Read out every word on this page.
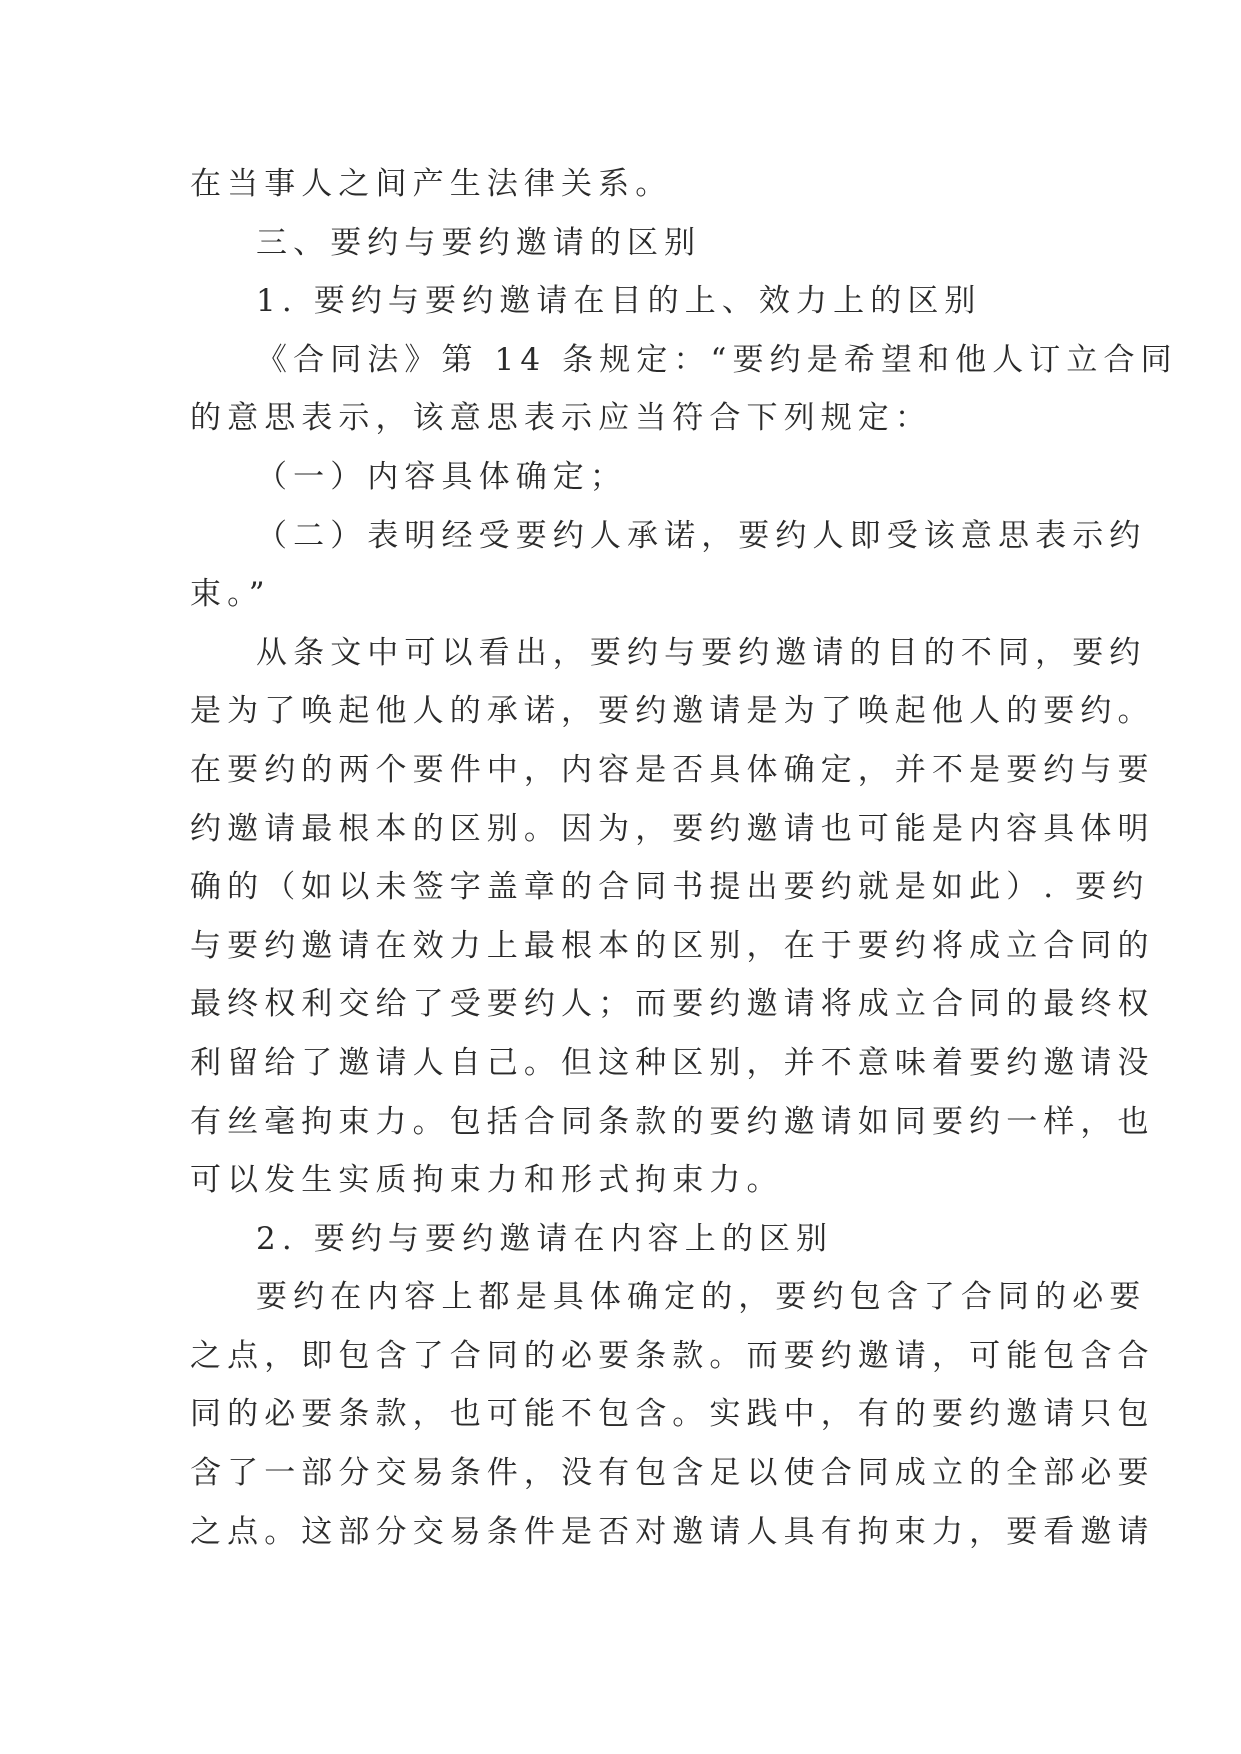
在当事人之间产生法律关系。

三、要约与要约邀请的区别

1. 要约与要约邀请在目的上、效力上的区别

《合同法》第 14 条规定：“要约是希望和他人订立合同

的意思表示，该意思表示应当符合下列规定：

（一）内容具体确定；

（二）表明经受要约人承诺，要约人即受该意思表示约

束。”

从条文中可以看出，要约与要约邀请的目的不同，要约

是为了唤起他人的承诺，要约邀请是为了唤起他人的要约。

在要约的两个要件中，内容是否具体确定，并不是要约与要

约邀请最根本的区别。因为，要约邀请也可能是内容具体明

确的（如以未签字盖章的合同书提出要约就是如此）. 要约

与要约邀请在效力上最根本的区别，在于要约将成立合同的

最终权利交给了受要约人；而要约邀请将成立合同的最终权

利留给了邀请人自己。但这种区别，并不意味着要约邀请没

有丝毫拘束力。包括合同条款的要约邀请如同要约一样，也

可以发生实质拘束力和形式拘束力。

2. 要约与要约邀请在内容上的区别

要约在内容上都是具体确定的，要约包含了合同的必要

之点，即包含了合同的必要条款。而要约邀请，可能包含合

同的必要条款，也可能不包含。实践中，有的要约邀请只包

含了一部分交易条件，没有包含足以使合同成立的全部必要

之点。这部分交易条件是否对邀请人具有拘束力，要看邀请
